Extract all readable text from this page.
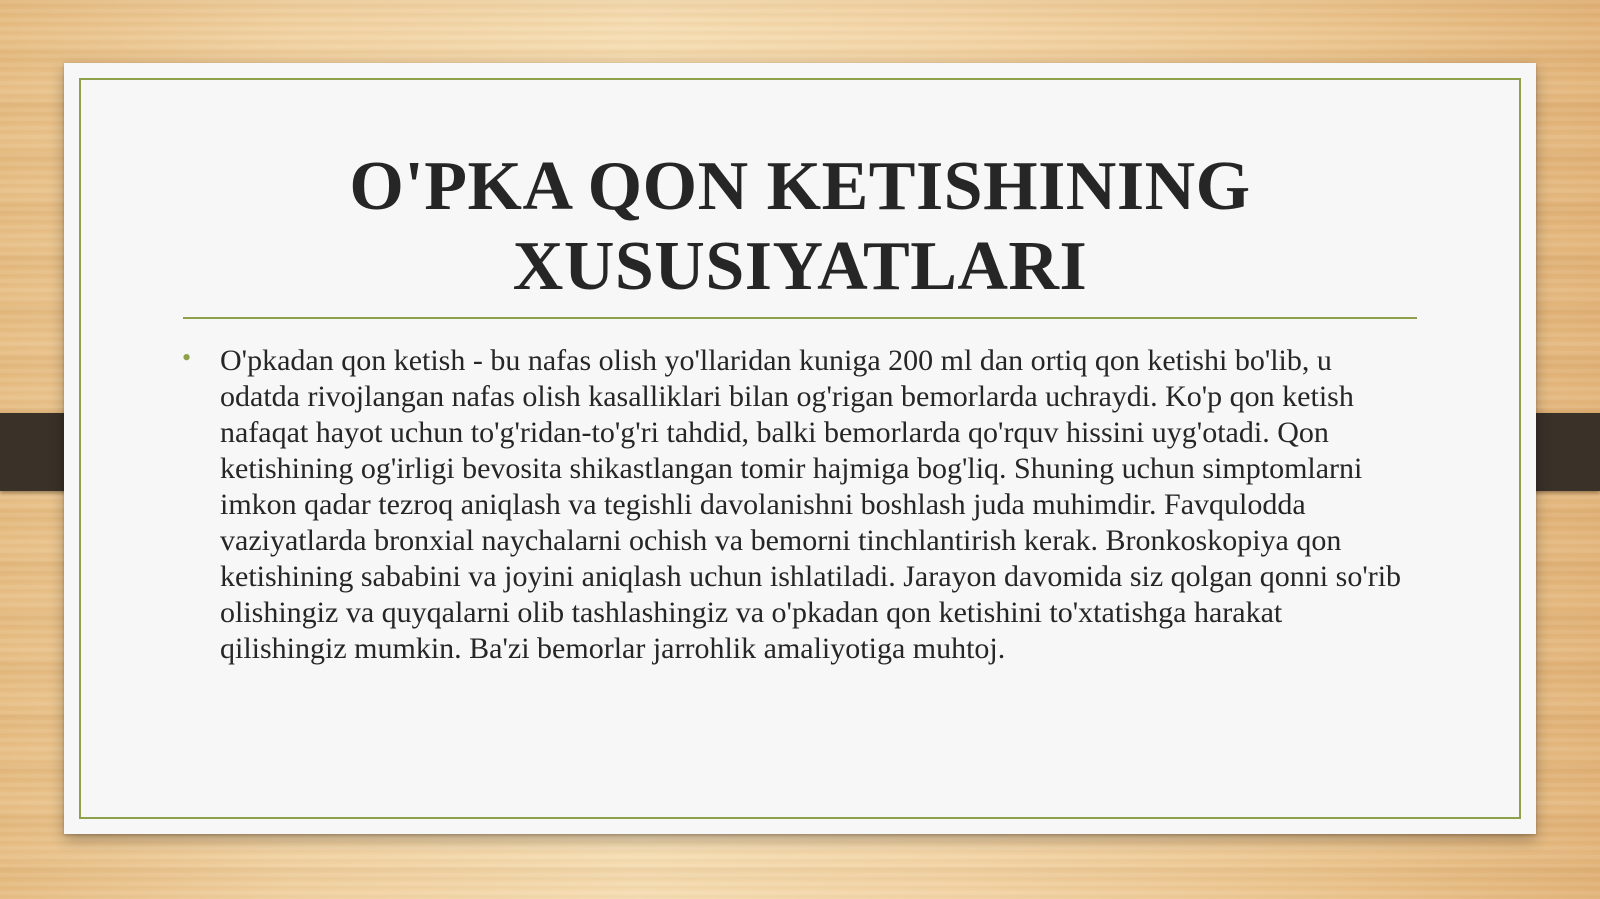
O'PKA QON KETISHINING
XUSUSIYATLARI
• O'pkadan qon ketish - bu nafas olish yo'llaridan kuniga 200 ml dan ortiq qon ketishi bo'lib, u odatda rivojlangan nafas olish kasalliklari bilan og'rigan bemorlarda uchraydi. Ko'p qon ketish nafaqat hayot uchun to'g'ridan-to'g'ri tahdid, balki bemorlarda qo'rquv hissini uyg'otadi. Qon ketishining og'irligi bevosita shikastlangan tomir hajmiga bog'liq. Shuning uchun simptomlarni imkon qadar tezroq aniqlash va tegishli davolanishni boshlash juda muhimdir. Favqulodda vaziyatlarda bronxial naychalarni ochish va bemorni tinchlantirish kerak. Bronkoskopiya qon ketishining sababini va joyini aniqlash uchun ishlatiladi. Jarayon davomida siz qolgan qonni so'rib olishingiz va quyqalarni olib tashlashingiz va o'pkadan qon ketishini to'xtatishga harakat qilishingiz mumkin. Ba'zi bemorlar jarrohlik amaliyotiga muhtoj.
